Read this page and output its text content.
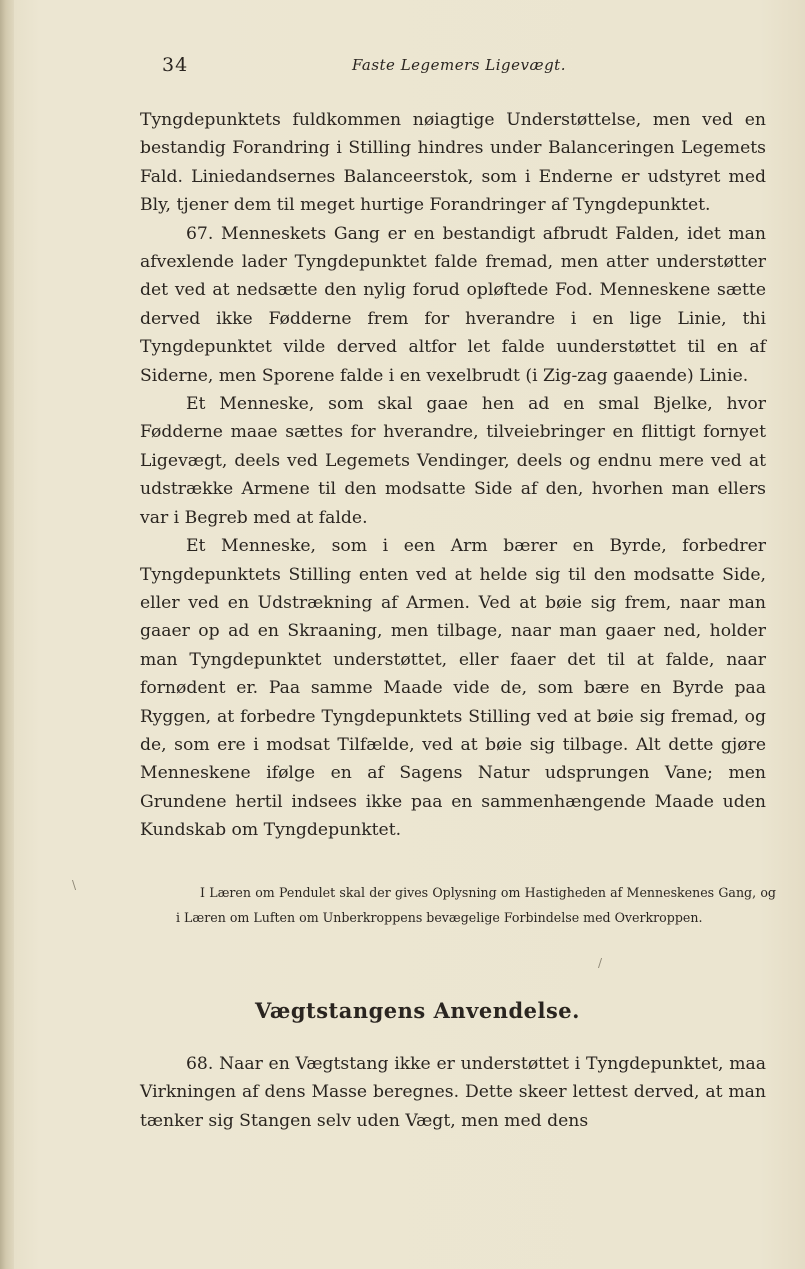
34	Faste Legemers Ligevægt.

Tyngdepunktets fuldkommen nøiagtige Understøttelse, men ved en bestandig Forandring i Stilling hindres under Balanceringen Legemets Fald. Liniedandsernes Balanceerstok, som i Enderne er udstyret med Bly, tjener dem til meget hurtige Forandringer af Tyngdepunktet.

67. Menneskets Gang er en bestandigt afbrudt Falden, idet man afvexlende lader Tyngdepunktet falde fremad, men atter understøtter det ved at nedsætte den nylig forud opløftede Fod. Menneskene sætte derved ikke Fødderne frem for hverandre i en lige Linie, thi Tyngdepunktet vilde derved altfor let falde uunderstøttet til en af Siderne, men Sporene falde i en vexelbrudt (i Zig-zag gaaende) Linie.

Et Menneske, som skal gaae hen ad en smal Bjelke, hvor Fødderne maae sættes for hverandre, tilveiebringer en flittigt fornyet Ligevægt, deels ved Legemets Vendinger, deels og endnu mere ved at udstrække Armene til den modsatte Side af den, hvorhen man ellers var i Begreb med at falde.

Et Menneske, som i een Arm bærer en Byrde, forbedrer Tyngdepunktets Stilling enten ved at helde sig til den modsatte Side, eller ved en Udstrækning af Armen. Ved at bøie sig frem, naar man gaaer op ad en Skraaning, men tilbage, naar man gaaer ned, holder man Tyngdepunktet understøttet, eller faaer det til at falde, naar fornødent er. Paa samme Maade vide de, som bære en Byrde paa Ryggen, at forbedre Tyngdepunktets Stilling ved at bøie sig fremad, og de, som ere i modsat Tilfælde, ved at bøie sig tilbage. Alt dette gjøre Menneskene ifølge en af Sagens Natur udsprungen Vane; men Grundene hertil indsees ikke paa en sammenhængende Maade uden Kundskab om Tyngdepunktet.

I Læren om Pendulet skal der gives Oplysning om Hastigheden af Menneskenes Gang, og i Læren om Luften om Unberkroppens bevægelige Forbindelse med Overkroppen.

Vægtstangens Anvendelse.

68. Naar en Vægtstang ikke er understøttet i Tyngdepunktet, maa Virkningen af dens Masse beregnes. Dette skeer lettest derved, at man tænker sig Stangen selv uden Vægt, men med dens

\
/
